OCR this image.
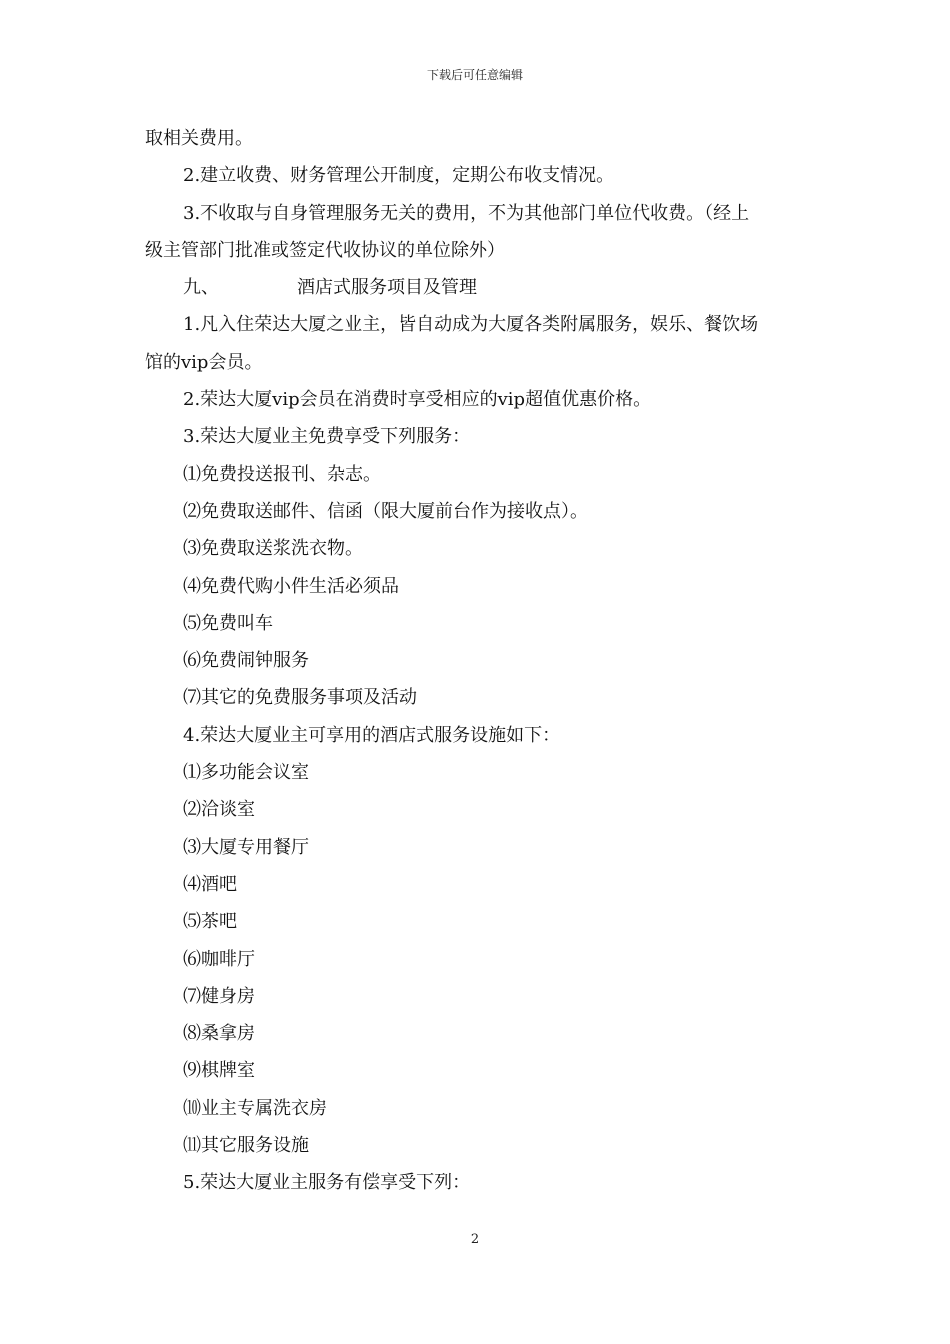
下载后可任意编辑
取相关费用。
2.建立收费、财务管理公开制度，定期公布收支情况。
3.不收取与自身管理服务无关的费用，不为其他部门单位代收费。（经上
级主管部门批准或签定代收协议的单位除外）
九、	酒店式服务项目及管理
1.凡入住荣达大厦之业主，皆自动成为大厦各类附属服务，娱乐、餐饮场
馆的vip会员。
2.荣达大厦vip会员在消费时享受相应的vip超值优惠价格。
3.荣达大厦业主免费享受下列服务：
⑴免费投送报刊、杂志。
⑵免费取送邮件、信函（限大厦前台作为接收点）。
⑶免费取送浆洗衣物。
⑷免费代购小件生活必须品
⑸免费叫车
⑹免费闹钟服务
⑺其它的免费服务事项及活动
4.荣达大厦业主可享用的酒店式服务设施如下：
⑴多功能会议室
⑵洽谈室
⑶大厦专用餐厅
⑷酒吧
⑸茶吧
⑹咖啡厅
⑺健身房
⑻桑拿房
⑼棋牌室
⑽业主专属洗衣房
⑾其它服务设施
5.荣达大厦业主服务有偿享受下列：
2
